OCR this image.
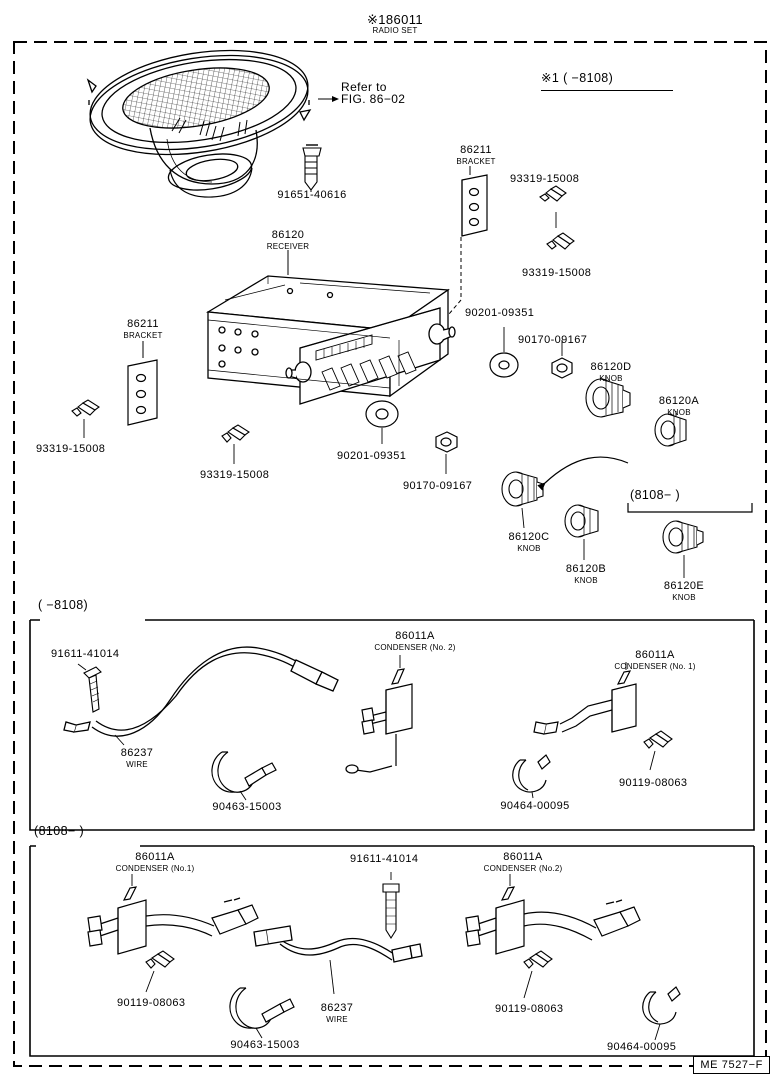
※186011
RADIO SET
※1 ( −8108)
Refer to
FIG. 86−02
( −8108)
(8108− )
(8108− )
91651-40616
86211
BRACKET
93319-15008
93319-15008
86120
RECEIVER
90201-09351
90170-09167
86120D
KNOB
86120A
KNOB
86211
BRACKET
93319-15008
93319-15008
90201-09351
90170-09167
86120C
KNOB
86120B
KNOB	86120E
KNOB
91611-41014
86237
WIRE
90463-15003
86011A
CONDENSER (No. 2)
90464-00095
86011A
CONDENSER (No. 1)
90119-08063
86011A
CONDENSER (No.1)
91611-41014	86011A
CONDENSER (No.2)
90119-08063
90463-15003
86237
WIRE
90119-08063
90464-00095
ME 7527−F
